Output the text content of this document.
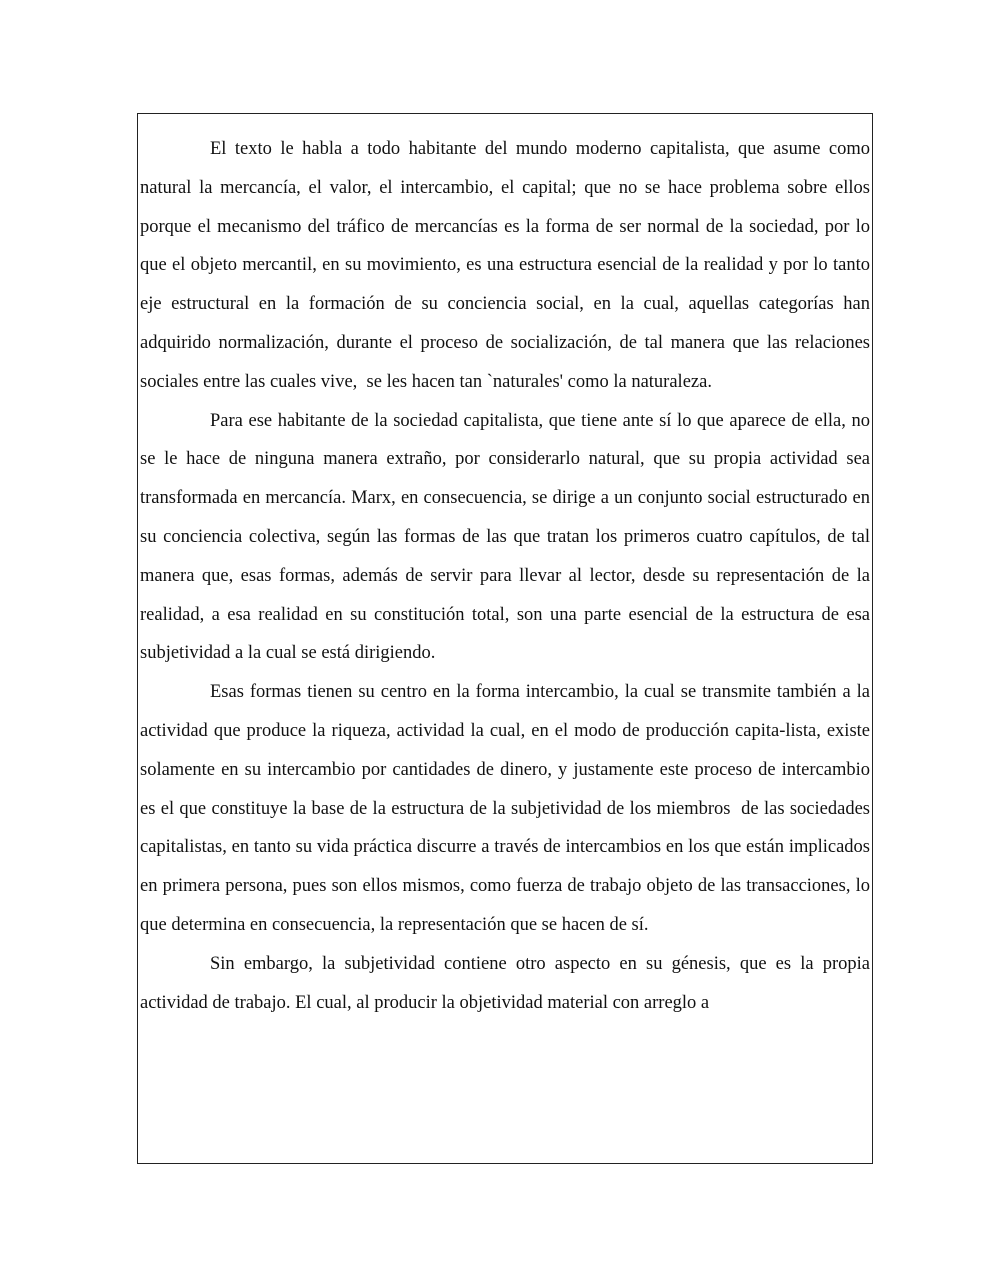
El texto le habla a todo habitante del mundo moderno capitalista, que asume como natural la mercancía, el valor, el intercambio, el capital; que no se hace problema sobre ellos porque el mecanismo del tráfico de mercancías es la forma de ser normal de la sociedad, por lo que el objeto mercantil, en su movimiento, es una estructura esencial de la realidad y por lo tanto eje estructural en la formación de su conciencia social, en la cual, aquellas categorías han adquirido normalización, durante el proceso de socialización, de tal manera que las relaciones sociales entre las cuales vive,  se les hacen tan `naturales' como la naturaleza.

Para ese habitante de la sociedad capitalista, que tiene ante sí lo que aparece de ella, no se le hace de ninguna manera extraño, por considerarlo natural, que su propia actividad sea transformada en mercancía. Marx, en consecuencia, se dirige a un conjunto social estructurado en su conciencia colectiva, según las formas de las que tratan los primeros cuatro capítulos, de tal manera que, esas formas, además de servir para llevar al lector, desde su representación de la realidad, a esa realidad en su constitución total, son una parte esencial de la estructura de esa subjetividad a la cual se está dirigiendo.

Esas formas tienen su centro en la forma intercambio, la cual se transmite también a la actividad que produce la riqueza, actividad la cual, en el modo de producción capita-lista, existe solamente en su intercambio por cantidades de dinero, y justamente este proceso de intercambio es el que constituye la base de la estructura de la subjetividad de los miembros  de las sociedades capitalistas, en tanto su vida práctica discurre a través de intercambios en los que están implicados en primera persona, pues son ellos mismos, como fuerza de trabajo objeto de las transacciones, lo que determina en consecuencia, la representación que se hacen de sí.

Sin embargo, la subjetividad contiene otro aspecto en su génesis, que es la propia actividad de trabajo. El cual, al producir la objetividad material con arreglo a
